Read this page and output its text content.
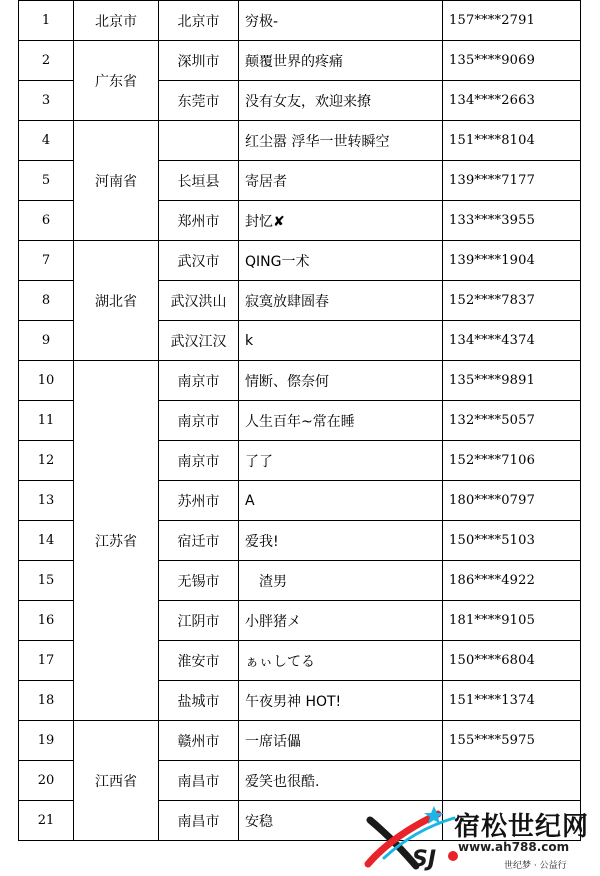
1	北京市	北京市	穷极-	157****2791
2	广东省	深圳市	颠覆世界的疼痛	135****9069
3		东莞市	没有女友，欢迎来撩	134****2663
4	河南省		红尘嚣 浮华一世转瞬空	151****8104
5		长垣县	寄居者	139****7177
6		郑州市	封忆✘	133****3955
7	湖北省	武汉市	QING一术	139****1904
8		武汉洪山	寂寞放肆圄春	152****7837
9		武汉江汉	k	134****4374
10	江苏省	南京市	情断、傺奈何	135****9891
11		南京市	人生百年~常在睡	132****5057
12		南京市	了了	152****7106
13		苏州市	A	180****0797
14		宿迁市	爱我!	150****5103
15		无锡市	　渣男	186****4922
16		江阴市	小胖猪メ	181****9105
17		淮安市	ぁぃしてる	150****6804
18		盐城市	午夜男神 HOT!	151****1374
19	江西省	赣州市	一席话儡	155****5975
20		南昌市	爱笑也很酷.	
21		南昌市	安稳	
SJ
宿松世纪网
www.ah788.com
世纪梦 · 公益行
